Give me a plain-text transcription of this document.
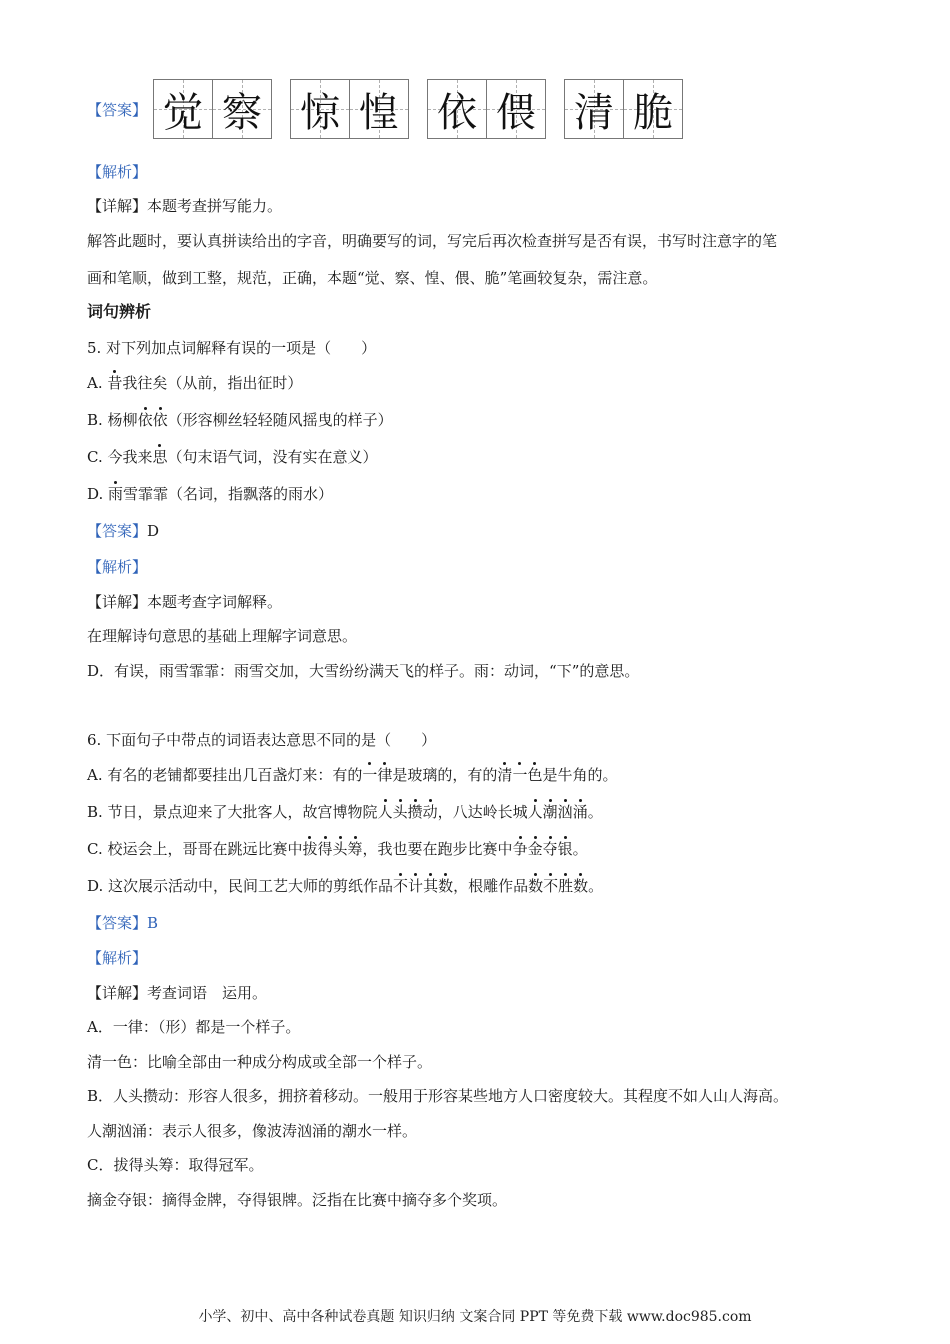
【答案】 觉 察 惊 惶 依 偎 清 脆
【解析】
【详解】本题考查拼写能力。
解答此题时，要认真拼读给出的字音，明确要写的词，写完后再次检查拼写是否有误，书写时注意字的笔
画和笔顺，做到工整，规范，正确，本题“觉、察、惶、偎、脆”笔画较复杂，需注意。
词句辨析
5. 对下列加点词解释有误的一项是（　　）
A. 昔我往矣（从前，指出征时）
B. 杨柳依依（形容柳丝轻轻随风摇曳的样子）
C. 今我来思（句末语气词，没有实在意义）
D. 雨雪霏霏（名词，指飘落的雨水）
【答案】D
【解析】
【详解】本题考查字词解释。
在理解诗句意思的基础上理解字词意思。
D．有误，雨雪霏霏：雨雪交加，大雪纷纷满天飞的样子。雨：动词，“下”的意思。
6. 下面句子中带点的词语表达意思不同的是（　　）
A. 有名的老铺都要挂出几百盏灯来：有的一律是玻璃的，有的清一色是牛角的。
B. 节日，景点迎来了大批客人，故宫博物院人头攒动，八达岭长城人潮汹涌。
C. 校运会上，哥哥在跳远比赛中拔得头筹，我也要在跑步比赛中争金夺银。
D. 这次展示活动中，民间工艺大师的剪纸作品不计其数，根雕作品数不胜数。
【答案】B
【解析】
【详解】考查词语　运用。
A．一律：（形）都是一个样子。
清一色：比喻全部由一种成分构成或全部一个样子。
B．人头攒动：形容人很多，拥挤着移动。一般用于形容某些地方人口密度较大。其程度不如人山人海高。
人潮汹涌：表示人很多，像波涛汹涌的潮水一样。
C．拔得头筹：取得冠军。
摘金夺银：摘得金牌，夺得银牌。泛指在比赛中摘夺多个奖项。
小学、初中、高中各种试卷真题 知识归纳 文案合同 PPT 等免费下载 www.doc985.com
